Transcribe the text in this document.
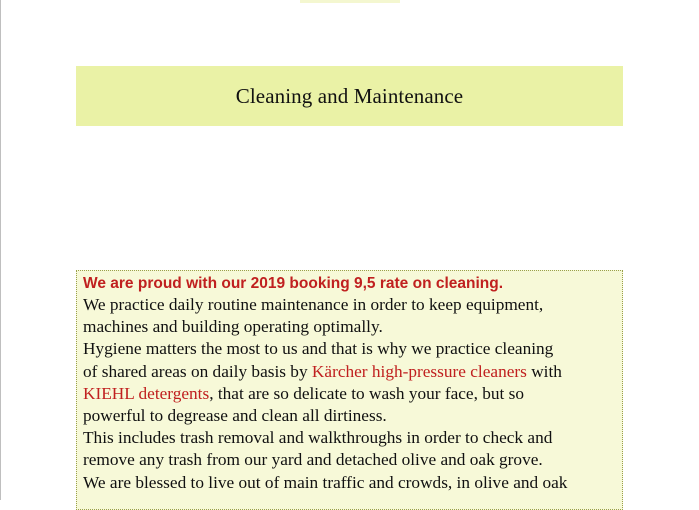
Cleaning and Maintenance

We are proud with our 2019 booking 9,5 rate on cleaning.

We practice daily routine maintenance in order to keep equipment,
machines and building operating optimally.
Hygiene matters the most to us and that is why we practice cleaning
of shared areas on daily basis by Kärcher high-pressure cleaners with
KIEHL detergents, that are so delicate to wash your face, but so
powerful to degrease and clean all dirtiness.
This includes trash removal and walkthroughs in order to check and
remove any trash from our yard and detached olive and oak grove.
We are blessed to live out of main traffic and crowds, in olive and oak
